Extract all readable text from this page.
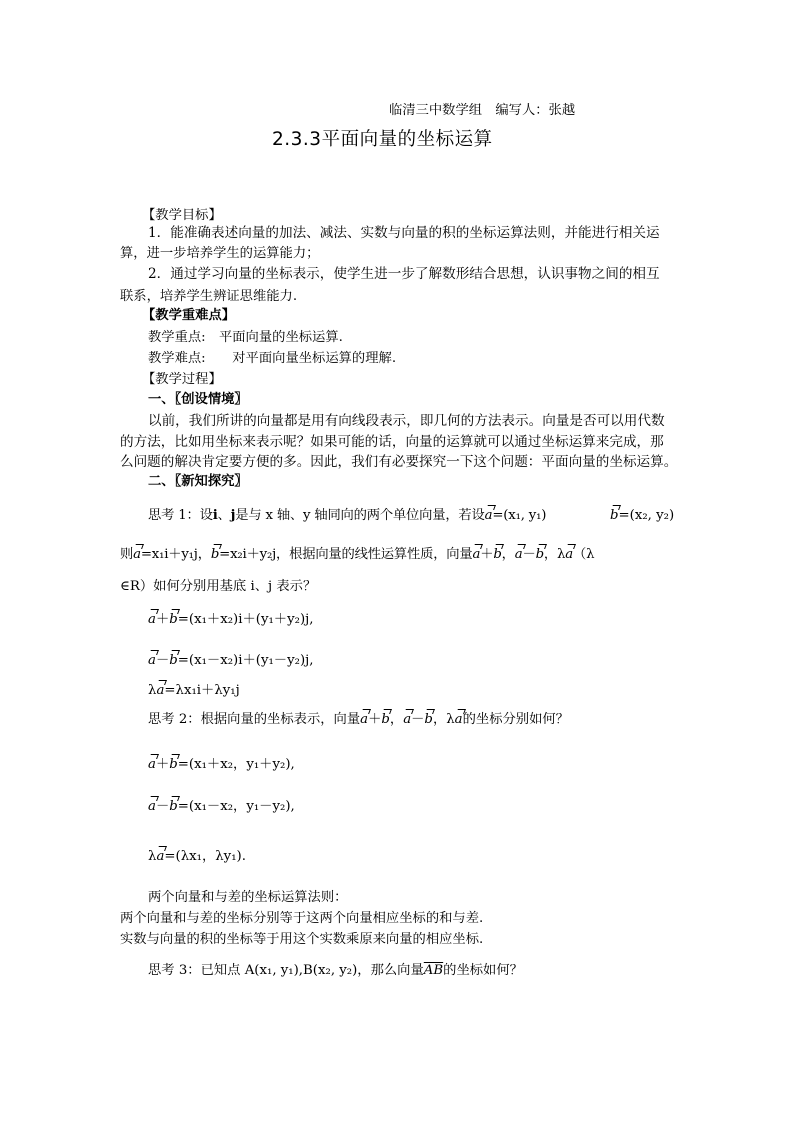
临清三中数学组　编写人：张越
2.3.3平面向量的坐标运算
【教学目标】
1．能准确表述向量的加法、减法、实数与向量的积的坐标运算法则，并能进行相关运
算，进一步培养学生的运算能力；
2．通过学习向量的坐标表示，使学生进一步了解数形结合思想，认识事物之间的相互
联系，培养学生辨证思维能力.
【教学重难点】
教学重点:　平面向量的坐标运算.
教学难点:　　对平面向量坐标运算的理解.
【教学过程】
一、〖创设情境〗
以前，我们所讲的向量都是用有向线段表示，即几何的方法表示。向量是否可以用代数
的方法，比如用坐标来表示呢？如果可能的话，向量的运算就可以通过坐标运算来完成，那
么问题的解决肯定要方便的多。因此，我们有必要探究一下这个问题：平面向量的坐标运算。
二、〖新知探究〗
思考 1：设i、j是与 x 轴、y 轴同向的两个单位向量，若设a=(x₁, y₁)	b=(x₂, y₂)
则a=x₁i＋y₁j，b=x₂i＋y₂j，根据向量的线性运算性质，向量a＋b，a－b，λa（λ
∈R）如何分别用基底 i、j 表示？
a＋b=(x₁＋x₂)i＋(y₁＋y₂)j,
a－b=(x₁－x₂)i＋(y₁－y₂)j,
λa=λx₁i＋λy₁j
思考 2：根据向量的坐标表示，向量a＋b，a－b，λa的坐标分别如何？
a＋b=(x₁＋x₂，y₁＋y₂),
a－b=(x₁－x₂，y₁－y₂),
λa=(λx₁，λy₁).
两个向量和与差的坐标运算法则：
两个向量和与差的坐标分别等于这两个向量相应坐标的和与差.
实数与向量的积的坐标等于用这个实数乘原来向量的相应坐标.
思考 3：已知点 A(x₁, y₁),B(x₂, y₂)，那么向量$\overline{AB}$的坐标如何？
